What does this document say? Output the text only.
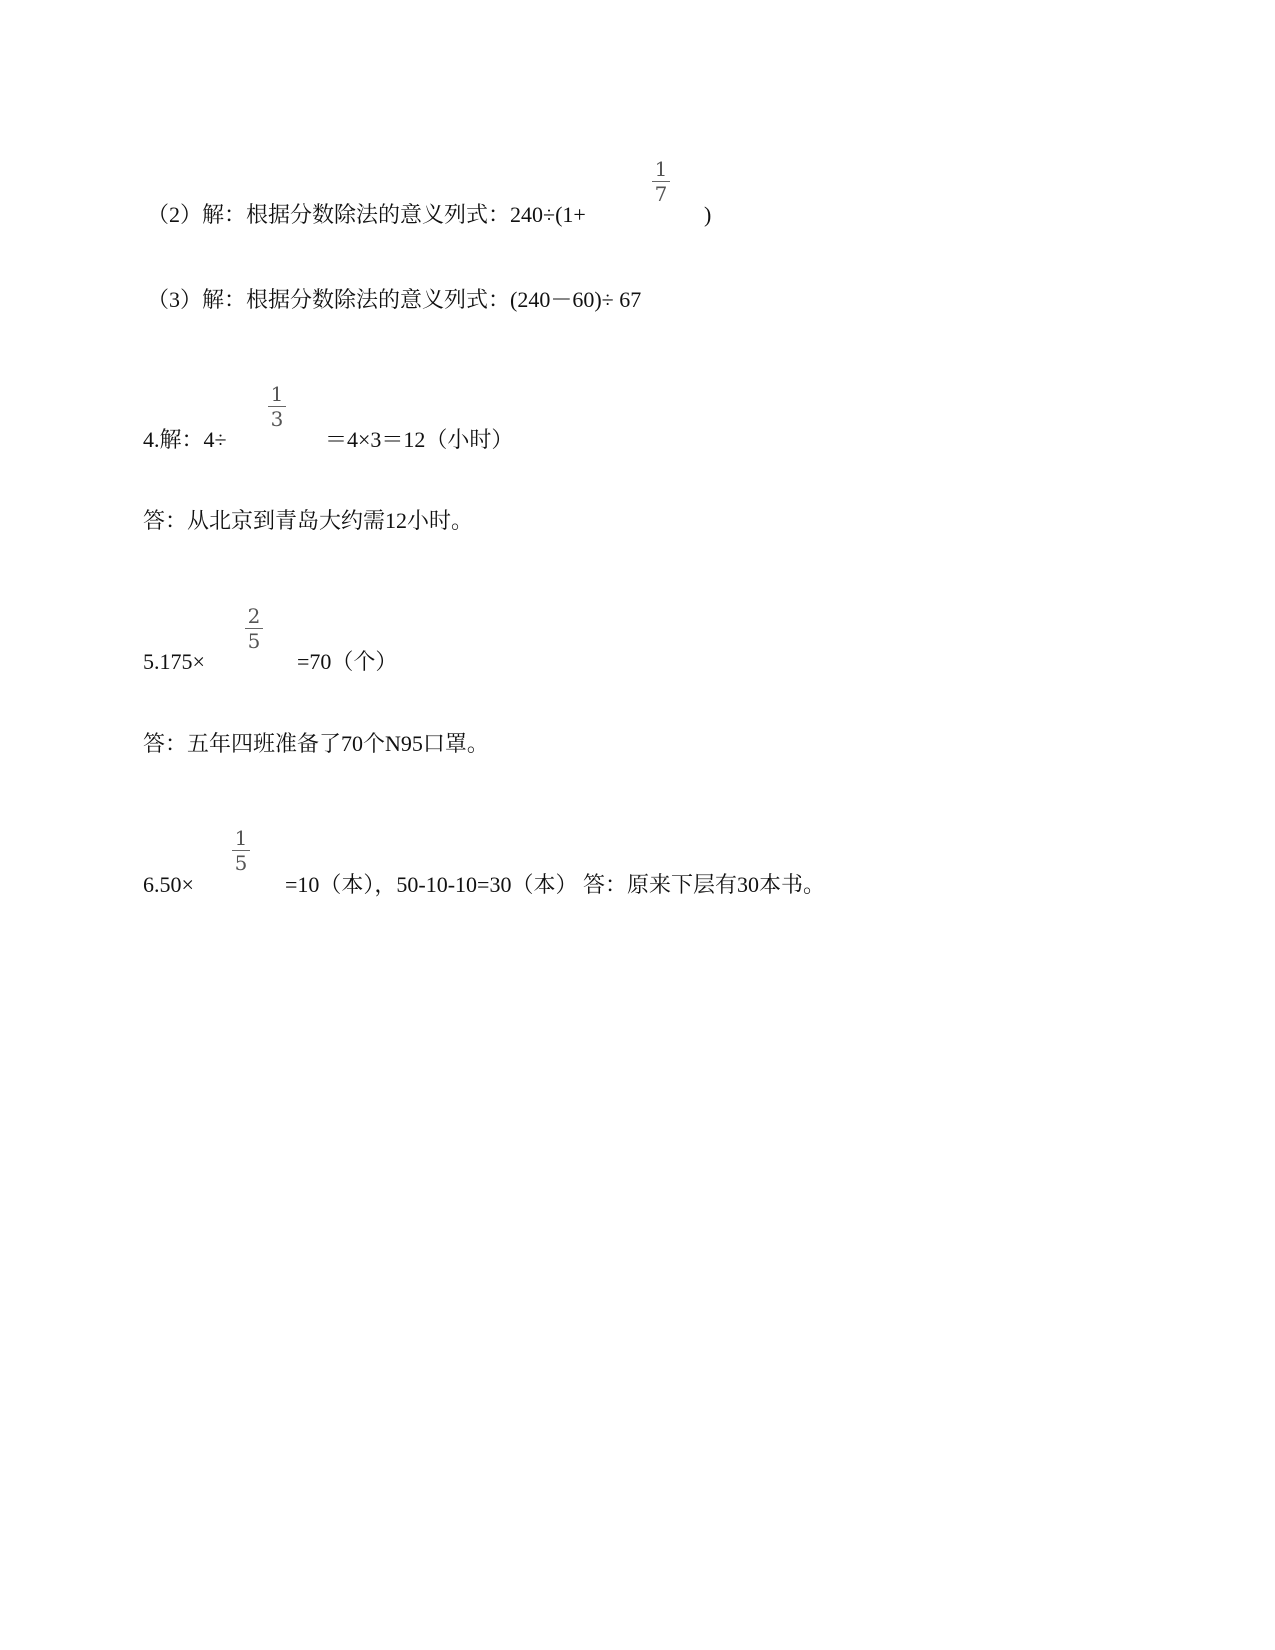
（2）解：根据分数除法的意义列式：240÷(1+
1
7
)
（3）解：根据分数除法的意义列式：(240－60)÷ 67
4.解：4÷
1
3
＝4×3＝12（小时）
答：从北京到青岛大约需12小时。
5.175×
2
5
=70（个）
答：五年四班准备了70个N95口罩。
6.50×
1
5
=10（本），50-10-10=30（本） 答：原来下层有30本书。
